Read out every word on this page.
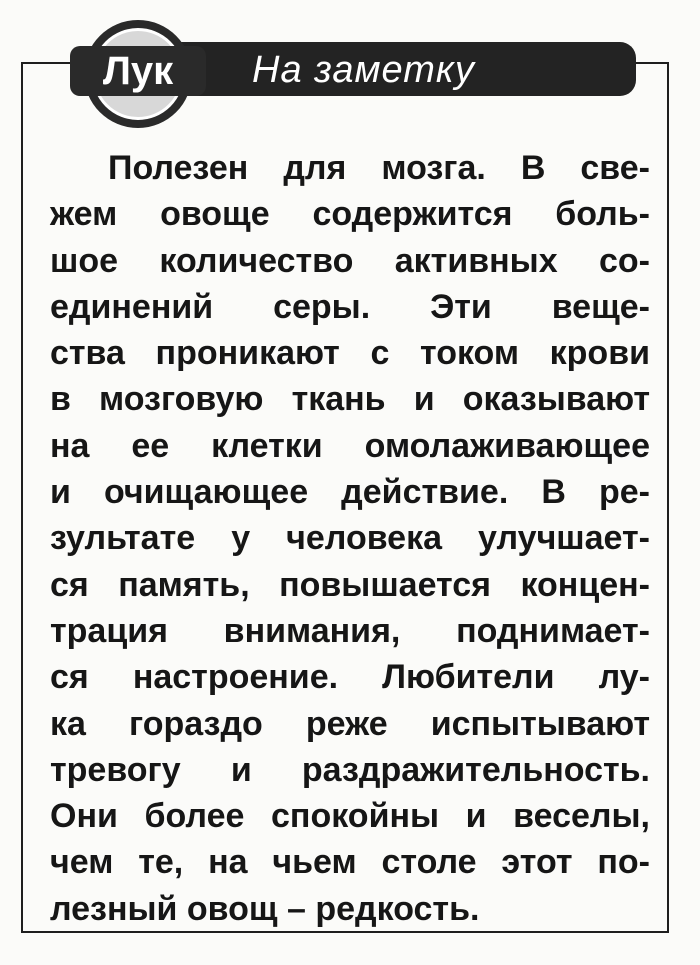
На заметку
Лук
Полезен для мозга. В све-
жем овоще содержится боль-
шое количество активных со-
единений серы. Эти веще-
ства проникают с током крови
в мозговую ткань и оказывают
на ее клетки омолаживающее
и очищающее действие. В ре-
зультате у человека улучшает-
ся память, повышается концен-
трация внимания, поднимает-
ся настроение. Любители лу-
ка гораздо реже испытывают
тревогу и раздражительность.
Они более спокойны и веселы,
чем те, на чьем столе этот по-
лезный овощ – редкость.
